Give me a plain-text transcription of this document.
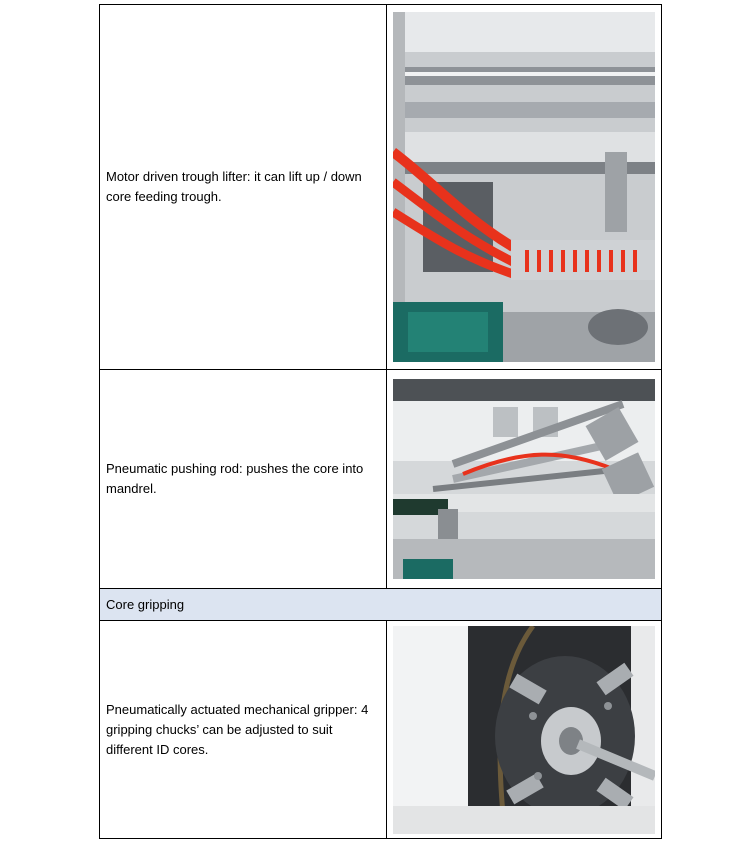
Motor driven trough lifter: it can lift up / down core feeding trough.	

Pneumatic pushing rod: pushes the core into mandrel.	

Core gripping	
Pneumatically actuated mechanical gripper: 4 gripping chucks’ can be adjusted to suit different ID cores.	
